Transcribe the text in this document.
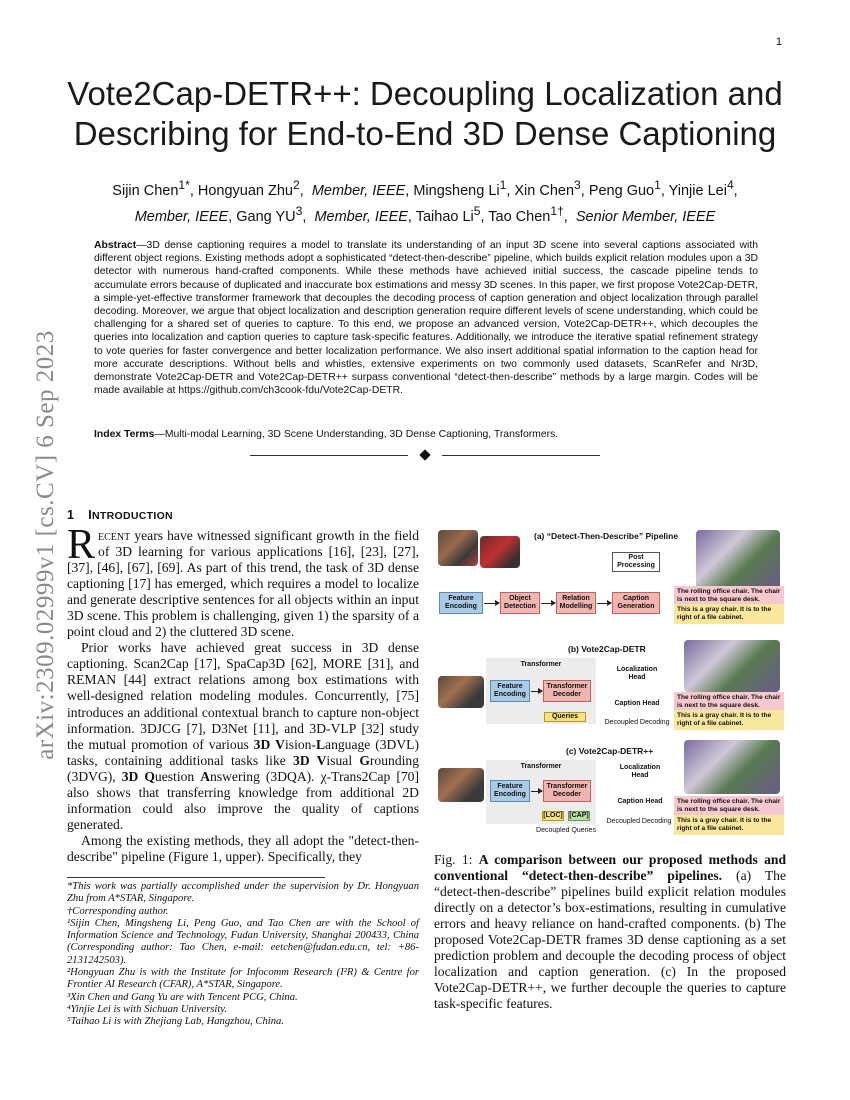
1
arXiv:2309.02999v1 [cs.CV] 6 Sep 2023
Vote2Cap-DETR++: Decoupling Localization and
Describing for End-to-End 3D Dense Captioning
Sijin Chen$^{1*}$, Hongyuan Zhu$^2$, Member, IEEE, Mingsheng Li$^1$, Xin Chen$^3$, Peng Guo$^1$, Yinjie Lei$^4$,
Member, IEEE, Gang $YU^3$, Member, IEEE, Taihao Li$^5$, Tao Chen$^{1\dagger}$, Senior Member, IEEE
Abstract—3D dense captioning requires a model to translate its understanding of an input 3D scene into several captions associated with different object regions. Existing methods adopt a sophisticated “detect-then-describe” pipeline, which builds explicit relation modules upon a 3D detector with numerous hand-crafted components. While these methods have achieved initial success, the cascade pipeline tends to accumulate errors because of duplicated and inaccurate box estimations and messy 3D scenes. In this paper, we first propose Vote2Cap-DETR, a simple-yet-effective transformer framework that decouples the decoding process of caption generation and object localization through parallel decoding. Moreover, we argue that object localization and description generation require different levels of scene understanding, which could be challenging for a shared set of queries to capture. To this end, we propose an advanced version, Vote2Cap-DETR++, which decouples the queries into localization and caption queries to capture task-specific features. Additionally, we introduce the iterative spatial refinement strategy to vote queries for faster convergence and better localization performance. We also insert additional spatial information to the caption head for more accurate descriptions. Without bells and whistles, extensive experiments on two commonly used datasets, ScanRefer and Nr3D, demonstrate Vote2Cap-DETR and Vote2Cap-DETR++ surpass conventional “detect-then-describe” methods by a large margin. Codes will be made available at https://github.com/ch3cook-fdu/Vote2Cap-DETR.
Index Terms—Multi-modal Learning, 3D Scene Understanding, 3D Dense Captioning, Transformers.
1 INTRODUCTION

Recent years have witnessed significant growth in the field of 3D learning for various applications [16], [23], [27], [37], [46], [67], [69]. As part of this trend, the task of 3D dense captioning [17] has emerged, which requires a model to localize and generate descriptive sentences for all objects within an input 3D scene. This problem is challenging, given 1) the sparsity of a point cloud and 2) the cluttered 3D scene.

Prior works have achieved great success in 3D dense captioning. Scan2Cap [17], SpaCap3D [62], MORE [31], and REMAN [44] extract relations among box estimations with well-designed relation modeling modules. Concurrently, [75] introduces an additional contextual branch to capture non-object information. 3DJCG [7], D3Net [11], and 3D-VLP [32] study the mutual promotion of various 3D Vision-Language (3DVL) tasks, containing additional tasks like 3D Visual Grounding (3DVG), 3D Question Answering (3DQA). χ-Trans2Cap [70] also shows that transferring knowledge from additional 2D information could also improve the quality of captions generated.

Among the existing methods, they all adopt the "detect-then-describe" pipeline (Figure 1, upper). Specifically, they

*This work was partially accomplished under the supervision by Dr. Hongyuan Zhu from A*STAR, Singapore.
†Corresponding author.
¹Sijin Chen, Mingsheng Li, Peng Guo, and Tao Chen are with the School of Information Science and Technology, Fudan University, Shanghai 200433, China (Corresponding author: Tao Chen, e-mail: eetchen@fudan.edu.cn, tel: +86-2131242503).
²Hongyuan Zhu is with the Institute for Infocomm Research (I²R) & Centre for Frontier AI Research (CFAR), A*STAR, Singapore.
³Xin Chen and Gang Yu are with Tencent PCG, China.
⁴Yinjie Lei is with Sichuan University.
⁵Taihao Li is with Zhejiang Lab, Hangzhou, China.
(a) “Detect-Then-Describe” Pipeline
Post Processing
Feature Encoding
Object Detection
Relation Modelling
Caption Generation
The rolling office chair. The chair is next to the square desk.
This is a gray chair. It is to the right of a file cabinet.
(b) Vote2Cap-DETR
Transformer
Feature Encoding
Transformer Decoder
Queries
Localization Head
Caption Head
Decoupled Decoding
The rolling office chair. The chair is next to the square desk.
This is a gray chair. It is to the right of a file cabinet.
(c) Vote2Cap-DETR++
Transformer
Feature Encoding
Transformer Decoder
[LOC] [CAP]
Decoupled Queries
Localization Head
Caption Head
Decoupled Decoding
The rolling office chair. The chair is next to the square desk.
This is a gray chair. It is to the right of a file cabinet.
Fig. 1: A comparison between our proposed methods and conventional “detect-then-describe” pipelines. (a) The “detect-then-describe” pipelines build explicit relation modules directly on a detector’s box-estimations, resulting in cumulative errors and heavy reliance on hand-crafted components. (b) The proposed Vote2Cap-DETR frames 3D dense captioning as a set prediction problem and decouple the decoding process of object localization and caption generation. (c) In the proposed Vote2Cap-DETR++, we further decouple the queries to capture task-specific features.
